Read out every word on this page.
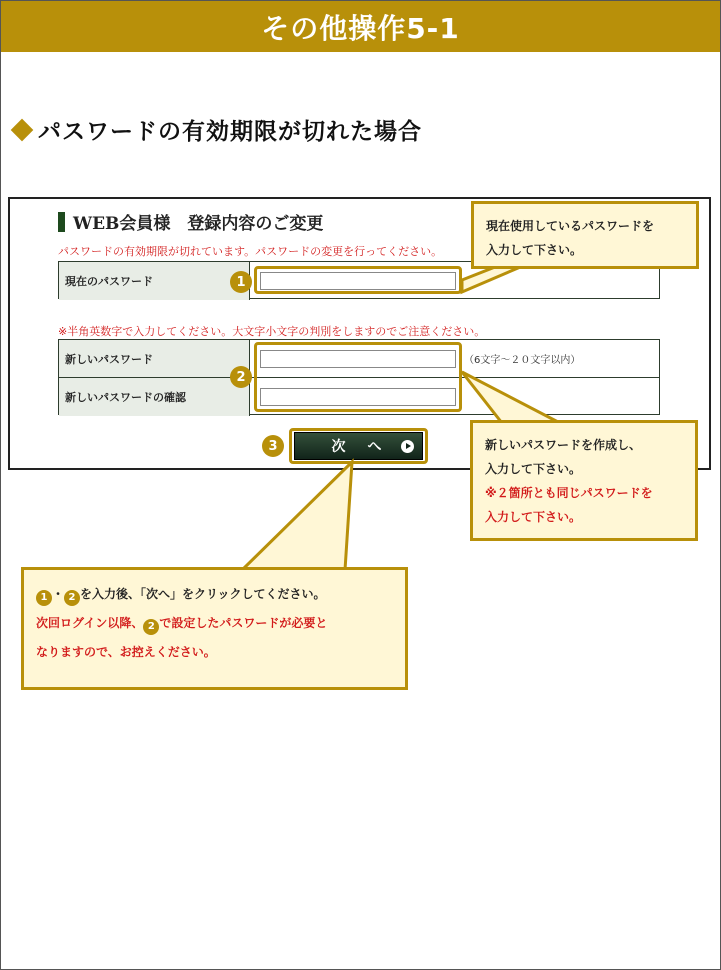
その他操作5-1
パスワードの有効期限が切れた場合
WEB会員様　登録内容のご変更
パスワードの有効期限が切れています。パスワードの変更を行ってください。
現在のパスワード
※半角英数字で入力してください。大文字小文字の判別をしますのでご注意ください。
新しいパスワード	（6文字～２０文字以内）
新しいパスワードの確認
次　へ
1
2
3
現在使用しているパスワードを
入力して下さい。
新しいパスワードを作成し、
入力して下さい。
※２箇所とも同じパスワードを
入力して下さい。
1 ・ 2 を入力後、「次へ」をクリックしてください。
次回ログイン以降、 2 で設定したパスワードが必要と
なりますので、お控えください。
